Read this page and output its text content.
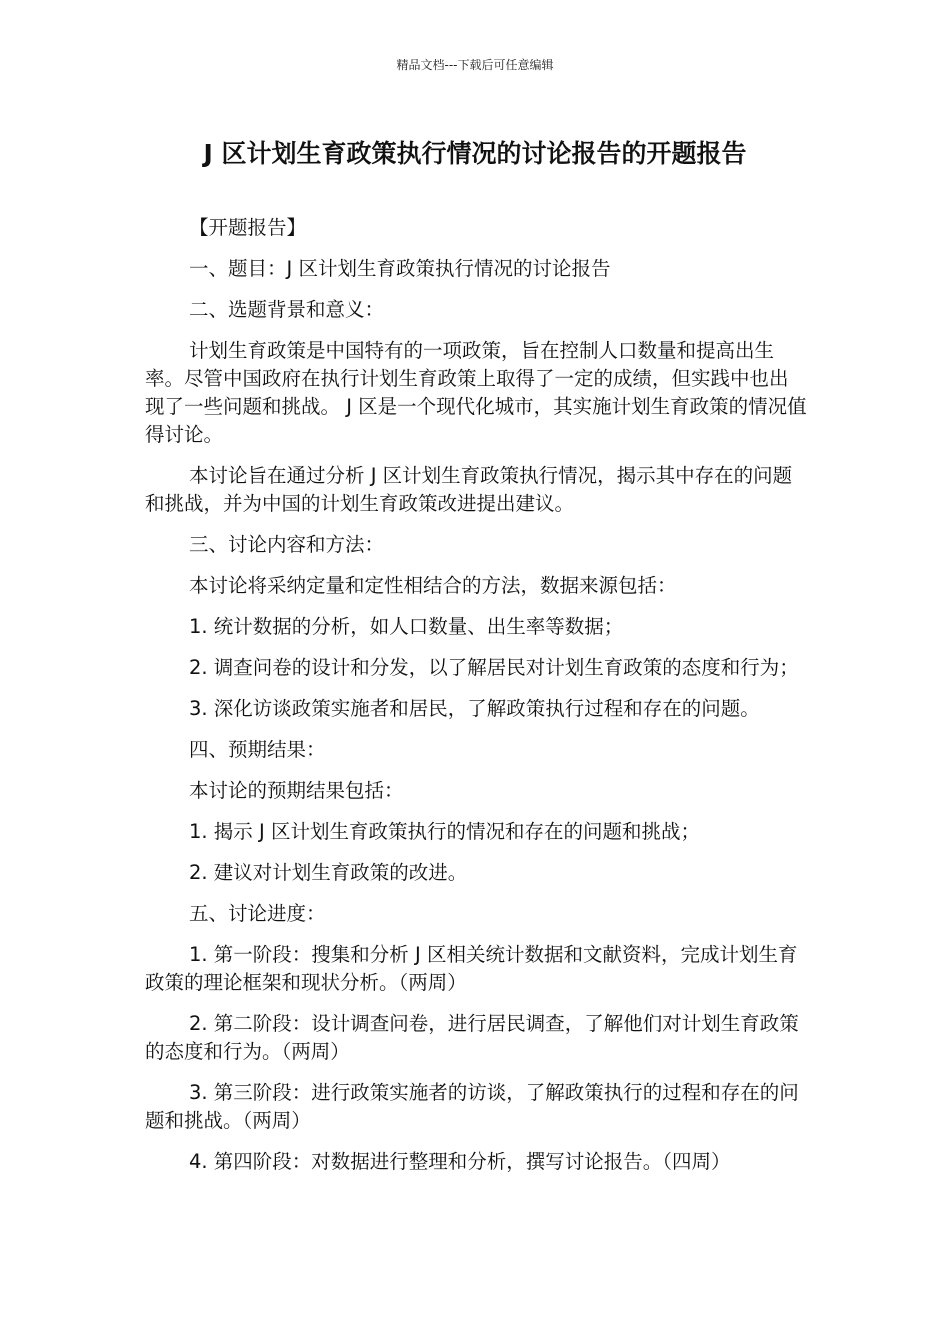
精品文档---下载后可任意编辑
J 区计划生育政策执行情况的讨论报告的开题报告

【开题报告】

一、题目：J 区计划生育政策执行情况的讨论报告

二、选题背景和意义：

计划生育政策是中国特有的一项政策，旨在控制人口数量和提高出生率。尽管中国政府在执行计划生育政策上取得了一定的成绩，但实践中也出现了一些问题和挑战。 J 区是一个现代化城市，其实施计划生育政策的情况值得讨论。

本讨论旨在通过分析 J 区计划生育政策执行情况，揭示其中存在的问题和挑战，并为中国的计划生育政策改进提出建议。

三、讨论内容和方法：

本讨论将采纳定量和定性相结合的方法，数据来源包括：

1. 统计数据的分析，如人口数量、出生率等数据；

2. 调查问卷的设计和分发，以了解居民对计划生育政策的态度和行为；

3. 深化访谈政策实施者和居民，了解政策执行过程和存在的问题。

四、预期结果：

本讨论的预期结果包括：

1. 揭示 J 区计划生育政策执行的情况和存在的问题和挑战；

2. 建议对计划生育政策的改进。

五、讨论进度：

1. 第一阶段：搜集和分析 J 区相关统计数据和文献资料，完成计划生育政策的理论框架和现状分析。（两周）

2. 第二阶段：设计调查问卷，进行居民调查，了解他们对计划生育政策的态度和行为。（两周）

3. 第三阶段：进行政策实施者的访谈，了解政策执行的过程和存在的问题和挑战。（两周）

4. 第四阶段：对数据进行整理和分析，撰写讨论报告。（四周）
